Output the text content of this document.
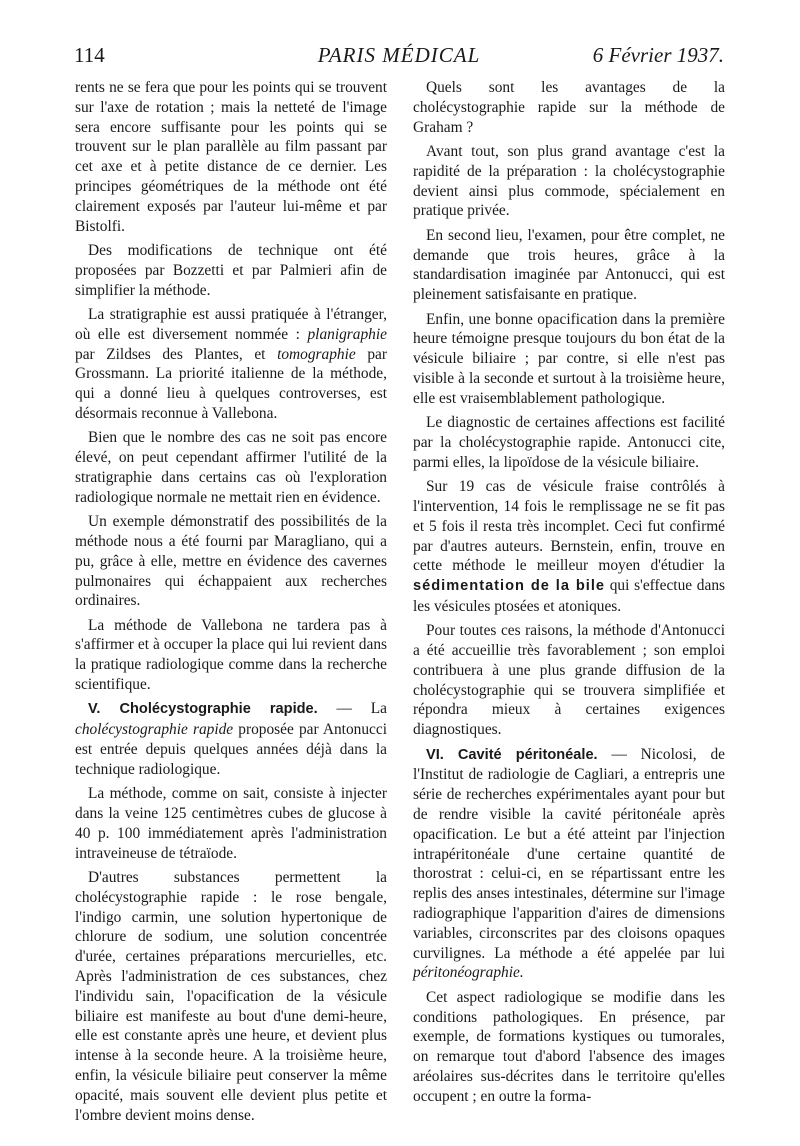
114	PARIS MÉDICAL	6 Février 1937.

rents ne se fera que pour les points qui se trouvent sur l'axe de rotation ; mais la netteté de l'image sera encore suffisante pour les points qui se trouvent sur le plan parallèle au film passant par cet axe et à petite distance de ce dernier. Les principes géométriques de la méthode ont été clairement exposés par l'auteur lui-même et par Bistolfi.

Des modifications de technique ont été proposées par Bozzetti et par Palmieri afin de simplifier la méthode.

La stratigraphie est aussi pratiquée à l'étranger, où elle est diversement nommée : planigraphie par Zildses des Plantes, et tomographie par Grossmann. La priorité italienne de la méthode, qui a donné lieu à quelques controverses, est désormais reconnue à Vallebona.

Bien que le nombre des cas ne soit pas encore élevé, on peut cependant affirmer l'utilité de la stratigraphie dans certains cas où l'exploration radiologique normale ne mettait rien en évidence.

Un exemple démonstratif des possibilités de la méthode nous a été fourni par Maragliano, qui a pu, grâce à elle, mettre en évidence des cavernes pulmonaires qui échappaient aux recherches ordinaires.

La méthode de Vallebona ne tardera pas à s'affirmer et à occuper la place qui lui revient dans la pratique radiologique comme dans la recherche scientifique.

V. Cholécystographie rapide. — La cholécystographie rapide proposée par Antonucci est entrée depuis quelques années déjà dans la technique radiologique.

La méthode, comme on sait, consiste à injecter dans la veine 125 centimètres cubes de glucose à 40 p. 100 immédiatement après l'administration intraveineuse de tétraïode.

D'autres substances permettent la cholécystographie rapide : le rose bengale, l'indigo carmin, une solution hypertonique de chlorure de sodium, une solution concentrée d'urée, certaines préparations mercurielles, etc. Après l'administration de ces substances, chez l'individu sain, l'opacification de la vésicule biliaire est manifeste au bout d'une demi-heure, elle est constante après une heure, et devient plus intense à la seconde heure. A la troisième heure, enfin, la vésicule biliaire peut conserver la même opacité, mais souvent elle devient plus petite et l'ombre devient moins dense.

Quels sont les avantages de la cholécystographie rapide sur la méthode de Graham ?

Avant tout, son plus grand avantage c'est la rapidité de la préparation : la cholécystographie devient ainsi plus commode, spécialement en pratique privée.

En second lieu, l'examen, pour être complet, ne demande que trois heures, grâce à la standardisation imaginée par Antonucci, qui est pleinement satisfaisante en pratique.

Enfin, une bonne opacification dans la première heure témoigne presque toujours du bon état de la vésicule biliaire ; par contre, si elle n'est pas visible à la seconde et surtout à la troisième heure, elle est vraisemblablement pathologique.

Le diagnostic de certaines affections est facilité par la cholécystographie rapide. Antonucci cite, parmi elles, la lipoïdose de la vésicule biliaire.

Sur 19 cas de vésicule fraise contrôlés à l'intervention, 14 fois le remplissage ne se fit pas et 5 fois il resta très incomplet. Ceci fut confirmé par d'autres auteurs. Bernstein, enfin, trouve en cette méthode le meilleur moyen d'étudier la sédimentation de la bile qui s'effectue dans les vésicules ptosées et atoniques.

Pour toutes ces raisons, la méthode d'Antonucci a été accueillie très favorablement ; son emploi contribuera à une plus grande diffusion de la cholécystographie qui se trouvera simplifiée et répondra mieux à certaines exigences diagnostiques.

VI. Cavité péritonéale. — Nicolosi, de l'Institut de radiologie de Cagliari, a entrepris une série de recherches expérimentales ayant pour but de rendre visible la cavité péritonéale après opacification. Le but a été atteint par l'injection intrapéritonéale d'une certaine quantité de thorostrat : celui-ci, en se répartissant entre les replis des anses intestinales, détermine sur l'image radiographique l'apparition d'aires de dimensions variables, circonscrites par des cloisons opaques curvilignes. La méthode a été appelée par lui péritonéographie.

Cet aspect radiologique se modifie dans les conditions pathologiques. En présence, par exemple, de formations kystiques ou tumorales, on remarque tout d'abord l'absence des images aréolaires sus-décrites dans le territoire qu'elles occupent ; en outre la forma-
